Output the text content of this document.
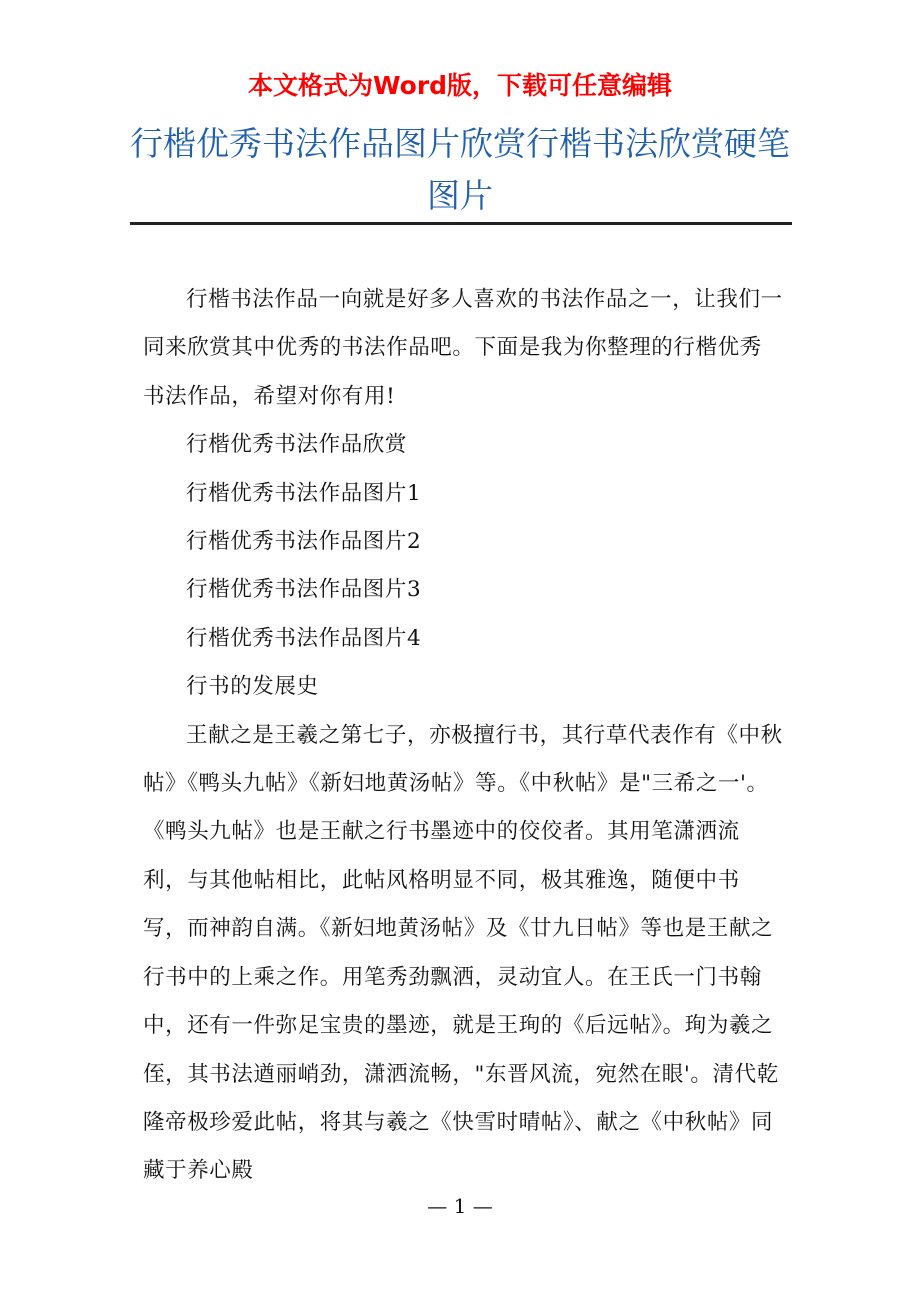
本文格式为Word版，下载可任意编辑
行楷优秀书法作品图片欣赏行楷书法欣赏硬笔图片

行楷书法作品一向就是好多人喜欢的书法作品之一，让我们一同来欣赏其中优秀的书法作品吧。下面是我为你整理的行楷优秀书法作品，希望对你有用!

行楷优秀书法作品欣赏

行楷优秀书法作品图片1

行楷优秀书法作品图片2

行楷优秀书法作品图片3

行楷优秀书法作品图片4

行书的发展史

王献之是王羲之第七子，亦极擅行书，其行草代表作有《中秋帖》《鸭头九帖》《新妇地黄汤帖》等。《中秋帖》是"三希之一'。《鸭头九帖》也是王献之行书墨迹中的佼佼者。其用笔潇洒流利，与其他帖相比，此帖风格明显不同，极其雅逸，随便中书写，而神韵自满。《新妇地黄汤帖》及《廿九日帖》等也是王献之行书中的上乘之作。用笔秀劲飘洒，灵动宜人。在王氏一门书翰中，还有一件弥足宝贵的墨迹，就是王珣的《后远帖》。珣为羲之侄，其书法遒丽峭劲，潇洒流畅，"东晋风流，宛然在眼'。清代乾隆帝极珍爱此帖，将其与羲之《快雪时晴帖》、献之《中秋帖》同藏于养心殿

— 1 —
